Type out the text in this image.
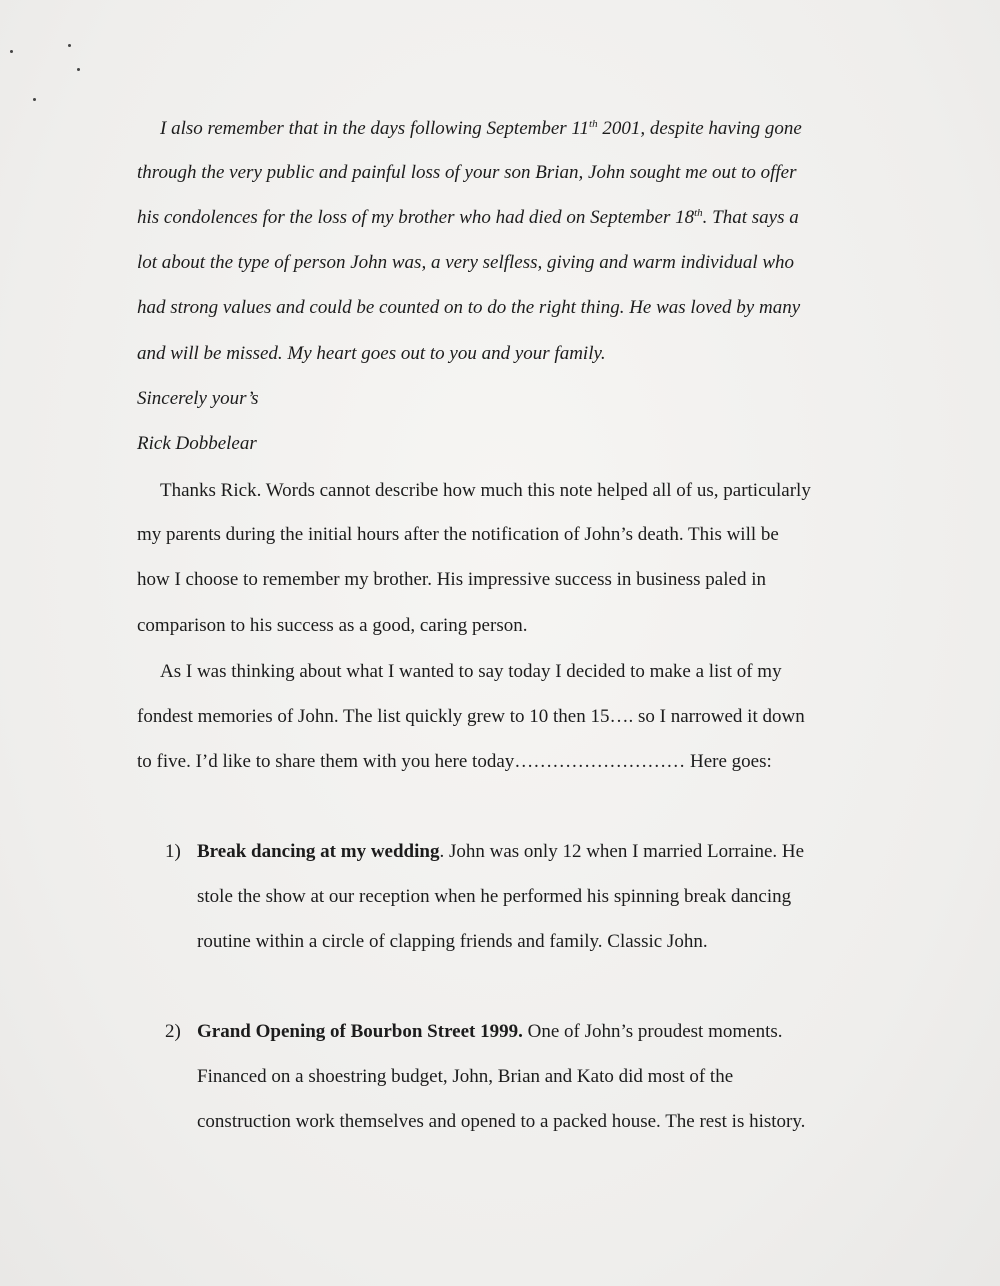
I also remember that in the days following September 11th 2001, despite having gone
through the very public and painful loss of your son Brian, John sought me out to offer
his condolences for the loss of my brother who had died on September 18th. That says a
lot about the type of person John was, a very selfless, giving and warm individual who
had strong values and could be counted on to do the right thing. He was loved by many
and will be missed. My heart goes out to you and your family.
Sincerely your’s
Rick Dobbelear
Thanks Rick. Words cannot describe how much this note helped all of us, particularly
my parents during the initial hours after the notification of John’s death. This will be
how I choose to remember my brother. His impressive success in business paled in
comparison to his success as a good, caring person.
As I was thinking about what I wanted to say today I decided to make a list of my
fondest memories of John. The list quickly grew to 10 then 15…. so I narrowed it down
to five. I’d like to share them with you here today……………………… Here goes:
1) Break dancing at my wedding. John was only 12 when I married Lorraine. He
stole the show at our reception when he performed his spinning break dancing
routine within a circle of clapping friends and family. Classic John.
2) Grand Opening of Bourbon Street 1999. One of John’s proudest moments.
Financed on a shoestring budget, John, Brian and Kato did most of the
construction work themselves and opened to a packed house. The rest is history.
